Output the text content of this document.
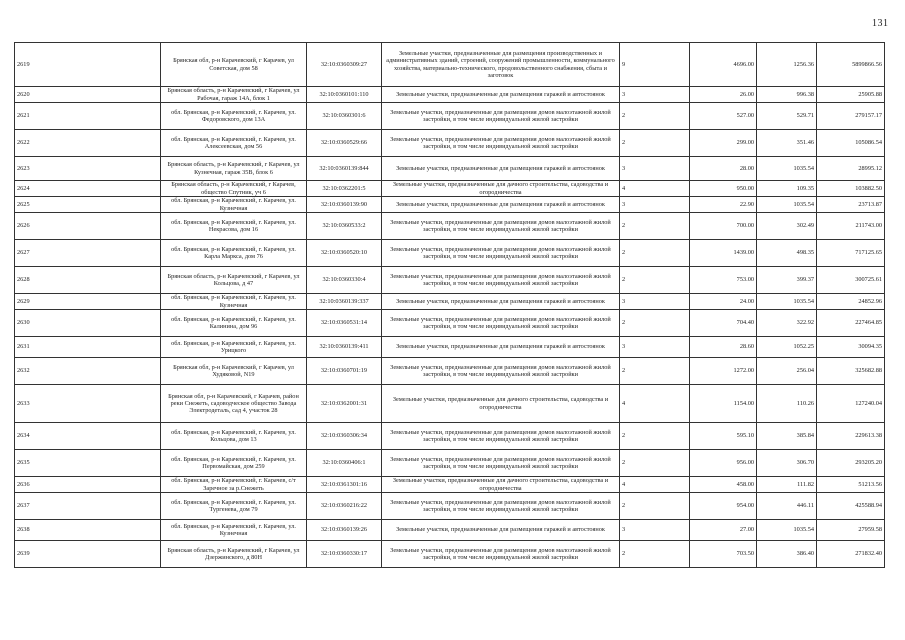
131
2619	Брянская обл, р-н Карачевский, г Карачев, ул Советская, дом 58	32:10:0360309:27	Земельные участки, предназначенные для размещения производственных и административных зданий, строений, сооружений промышленности, коммунального хозяйства, материально-технического, продовольственного снабжения, сбыта и заготовок	9	4696.00	1256.36	5899866.56
2620	Брянская область, р-н Карачевский, г Карачев, ул Рабочая, гараж 14А, блок 1	32:10:0360101:110	Земельные участки, предназначенные для размещения гаражей и автостоянок	3	26.00	996.38	25905.88
2621	обл. Брянская, р-н Карачевский, г. Карачев, ул. Федоровского, дом 13А	32:10:0360301:6	Земельные участки, предназначенные для размещения домов малоэтажной жилой застройки, в том числе индивидуальной жилой застройки	2	527.00	529.71	279157.17
2622	обл. Брянская, р-н Карачевский, г. Карачев, ул. Алексеевская, дом 56	32:10:0360529:66	Земельные участки, предназначенные для размещения домов малоэтажной жилой застройки, в том числе индивидуальной жилой застройки	2	299.00	351.46	105086.54
2623	Брянская область, р-н Карачевский, г Карачев, ул Кузнечная, гараж 35В, блок 6	32:10:0360139:844	Земельные участки, предназначенные для размещения гаражей и автостоянок	3	28.00	1035.54	28995.12
2624	Брянская область, р-н Карачевский, г Карачев, общество Спутник, уч 6	32:10:0362201:5	Земельные участки, предназначенные для дачного строительства, садоводства и огородничества	4	950.00	109.35	103882.50
2625	обл. Брянская, р-н Карачевский, г. Карачев, ул. Кузнечная	32:10:0360139:90	Земельные участки, предназначенные для размещения гаражей и автостоянок	3	22.90	1035.54	23713.87
2626	обл. Брянская, р-н Карачевский, г. Карачев, ул. Некрасова, дом 16	32:10:0360533:2	Земельные участки, предназначенные для размещения домов малоэтажной жилой застройки, в том числе индивидуальной жилой застройки	2	700.00	302.49	211743.00
2627	обл. Брянская, р-н Карачевский, г. Карачев, ул. Карла Маркса, дом 76	32:10:0360520:10	Земельные участки, предназначенные для размещения домов малоэтажной жилой застройки, в том числе индивидуальной жилой застройки	2	1439.00	498.35	717125.65
2628	Брянская область, р-н Карачевский, г Карачев, ул Кольцова, д 47	32:10:0360330:4	Земельные участки, предназначенные для размещения домов малоэтажной жилой застройки, в том числе индивидуальной жилой застройки	2	753.00	399.37	300725.61
2629	обл. Брянская, р-н Карачевский, г. Карачев, ул. Кузнечная	32:10:0360139:337	Земельные участки, предназначенные для размещения гаражей и автостоянок	3	24.00	1035.54	24852.96
2630	обл. Брянская, р-н Карачевский, г. Карачев, ул. Калинина, дом 96	32:10:0360531:14	Земельные участки, предназначенные для размещения домов малоэтажной жилой застройки, в том числе индивидуальной жилой застройки	2	704.40	322.92	227464.85
2631	обл. Брянская, р-н Карачевский, г. Карачев, ул. Урицкого	32:10:0360139:411	Земельные участки, предназначенные для размещения гаражей и автостоянок	3	28.60	1052.25	30094.35
2632	Брянская обл, р-н Карачевский, г Карачев, ул Худяковой, N19	32:10:0360701:19	Земельные участки, предназначенные для размещения домов малоэтажной жилой застройки, в том числе индивидуальной жилой застройки	2	1272.00	256.04	325682.88
2633	Брянская обл, р-н Карачевский, г Карачев, район реки Снежеть, садоводческое общество Завода Электродеталь, сад 4, участок 28	32:10:0362001:31	Земельные участки, предназначенные для дачного строительства, садоводства и огородничества	4	1154.00	110.26	127240.04
2634	обл. Брянская, р-н Карачевский, г. Карачев, ул. Кольцова, дом 13	32:10:0360306:34	Земельные участки, предназначенные для размещения домов малоэтажной жилой застройки, в том числе индивидуальной жилой застройки	2	595.10	385.84	229613.38
2635	обл. Брянская, р-н Карачевский, г. Карачев, ул. Первомайская, дом 259	32:10:0360406:1	Земельные участки, предназначенные для размещения домов малоэтажной жилой застройки, в том числе индивидуальной жилой застройки	2	956.00	306.70	293205.20
2636	обл. Брянская, р-н Карачевский, г. Карачев, с/т Заречное за р.Снежеть	32:10:0361301:16	Земельные участки, предназначенные для дачного строительства, садоводства и огородничества	4	458.00	111.82	51213.56
2637	обл. Брянская, р-н Карачевский, г. Карачев, ул. Тургенева, дом 79	32:10:0360216:22	Земельные участки, предназначенные для размещения домов малоэтажной жилой застройки, в том числе индивидуальной жилой застройки	2	954.00	446.11	425588.94
2638	обл. Брянская, р-н Карачевский, г. Карачев, ул. Кузнечная	32:10:0360139:26	Земельные участки, предназначенные для размещения гаражей и автостоянок	3	27.00	1035.54	27959.58
2639	Брянская область, р-н Карачевский, г Карачев, ул Дзержинского, д 80Н	32:10:0360330:17	Земельные участки, предназначенные для размещения домов малоэтажной жилой застройки, в том числе индивидуальной жилой застройки	2	703.50	386.40	271832.40
